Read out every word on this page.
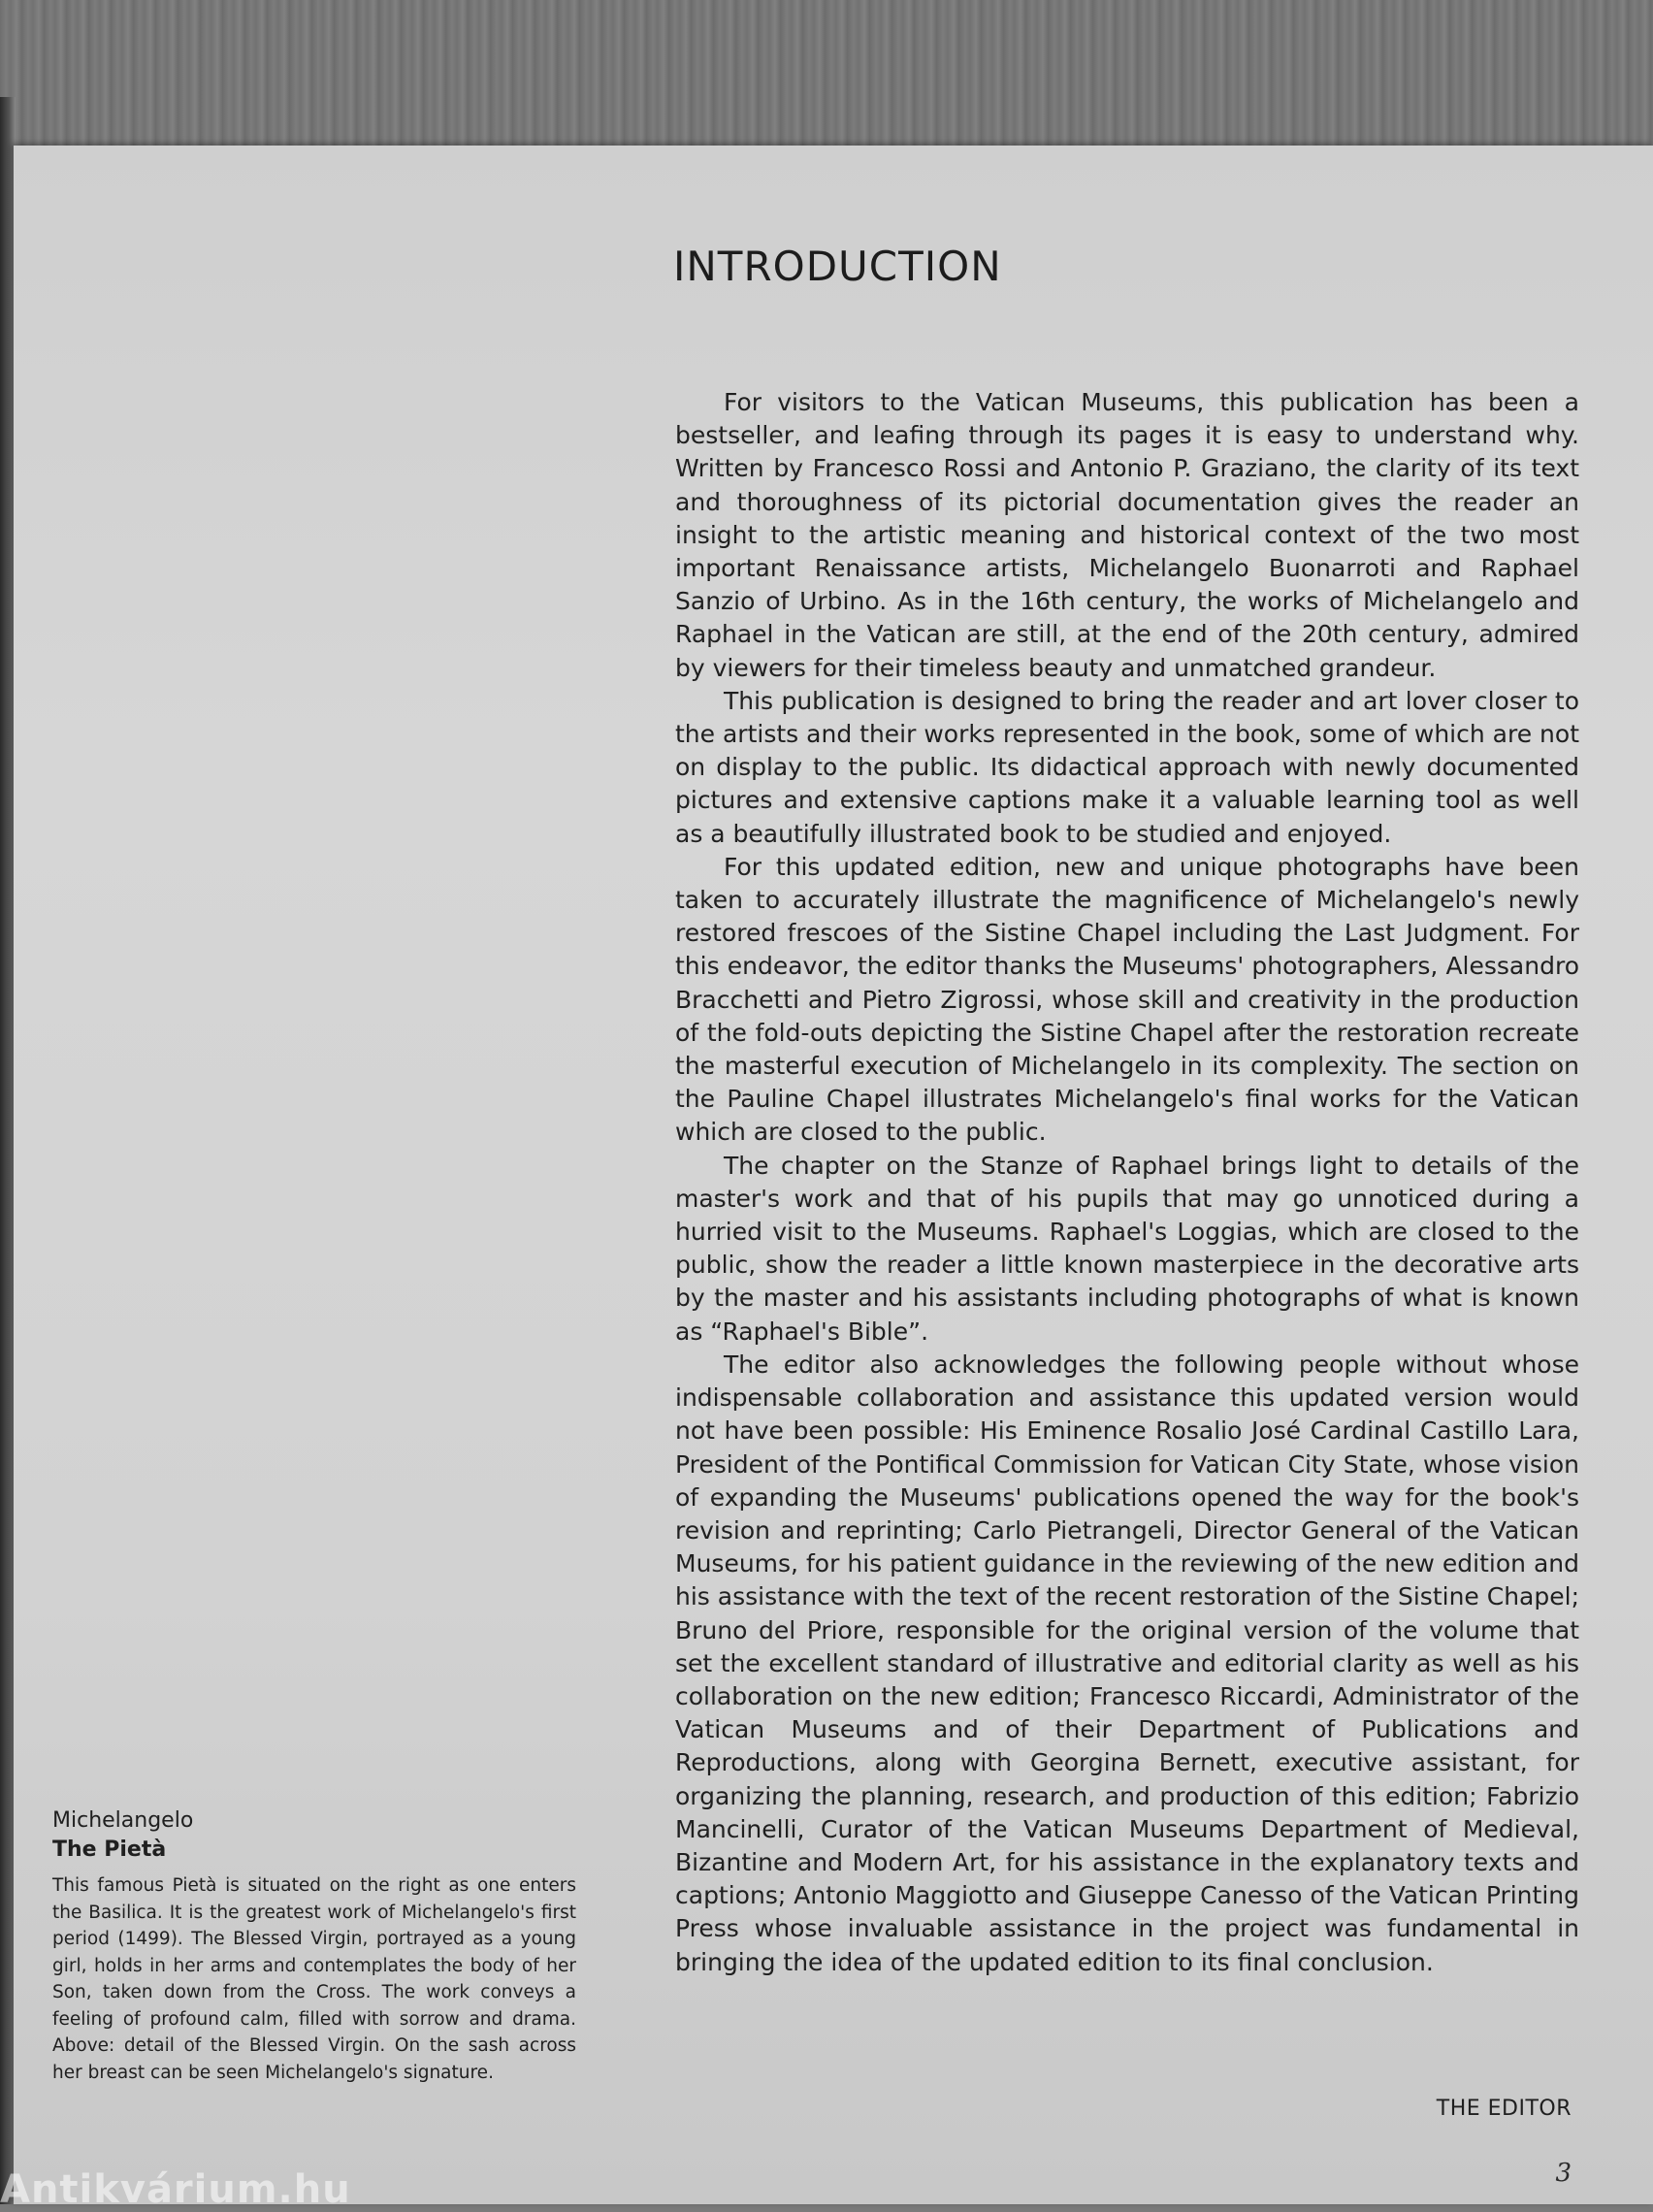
INTRODUCTION

For visitors to the Vatican Museums, this publication has been a bestseller, and leafing through its pages it is easy to understand why. Written by Francesco Rossi and Antonio P. Graziano, the clarity of its text and thoroughness of its pictorial documentation gives the reader an insight to the artistic meaning and historical context of the two most important Renaissance artists, Michelangelo Buonarroti and Raphael Sanzio of Urbino. As in the 16th century, the works of Michelangelo and Raphael in the Vatican are still, at the end of the 20th century, admired by viewers for their timeless beauty and unmatched grandeur.

This publication is designed to bring the reader and art lover closer to the artists and their works represented in the book, some of which are not on display to the public. Its didactical approach with newly documented pictures and extensive captions make it a valuable learning tool as well as a beautifully illustrated book to be studied and enjoyed.

For this updated edition, new and unique photographs have been taken to accurately illustrate the magnificence of Michelangelo's newly restored frescoes of the Sistine Chapel including the Last Judgment. For this endeavor, the editor thanks the Museums' photographers, Alessandro Bracchetti and Pietro Zigrossi, whose skill and creativity in the production of the fold-outs depicting the Sistine Chapel after the restoration recreate the masterful execution of Michelangelo in its complexity. The section on the Pauline Chapel illustrates Michelangelo's final works for the Vatican which are closed to the public.

The chapter on the Stanze of Raphael brings light to details of the master's work and that of his pupils that may go unnoticed during a hurried visit to the Museums. Raphael's Loggias, which are closed to the public, show the reader a little known masterpiece in the decorative arts by the master and his assistants including photographs of what is known as “Raphael's Bible”.

The editor also acknowledges the following people without whose indispensable collaboration and assistance this updated version would not have been possible: His Eminence Rosalio José Cardinal Castillo Lara, President of the Pontifical Commission for Vatican City State, whose vision of expanding the Museums' publications opened the way for the book's revision and reprinting; Carlo Pietrangeli, Director General of the Vatican Museums, for his patient guidance in the reviewing of the new edition and his assistance with the text of the recent restoration of the Sistine Chapel; Bruno del Priore, responsible for the original version of the volume that set the excellent standard of illustrative and editorial clarity as well as his collaboration on the new edition; Francesco Riccardi, Administrator of the Vatican Museums and of their Department of Publications and Reproductions, along with Georgina Bernett, executive assistant, for organizing the planning, research, and production of this edition; Fabrizio Mancinelli, Curator of the Vatican Museums Department of Medieval, Bizantine and Modern Art, for his assistance in the explanatory texts and captions; Antonio Maggiotto and Giuseppe Canesso of the Vatican Printing Press whose invaluable assistance in the project was fundamental in bringing the idea of the updated edition to its final conclusion.

THE EDITOR

3

Michelangelo

The Pietà

This famous Pietà is situated on the right as one enters the Basilica. It is the greatest work of Michelangelo's first period (1499). The Blessed Virgin, portrayed as a young girl, holds in her arms and contemplates the body of her Son, taken down from the Cross. The work conveys a feeling of profound calm, filled with sorrow and drama. Above: detail of the Blessed Virgin. On the sash across her breast can be seen Michelangelo's signature.

Antikvárium.hu
